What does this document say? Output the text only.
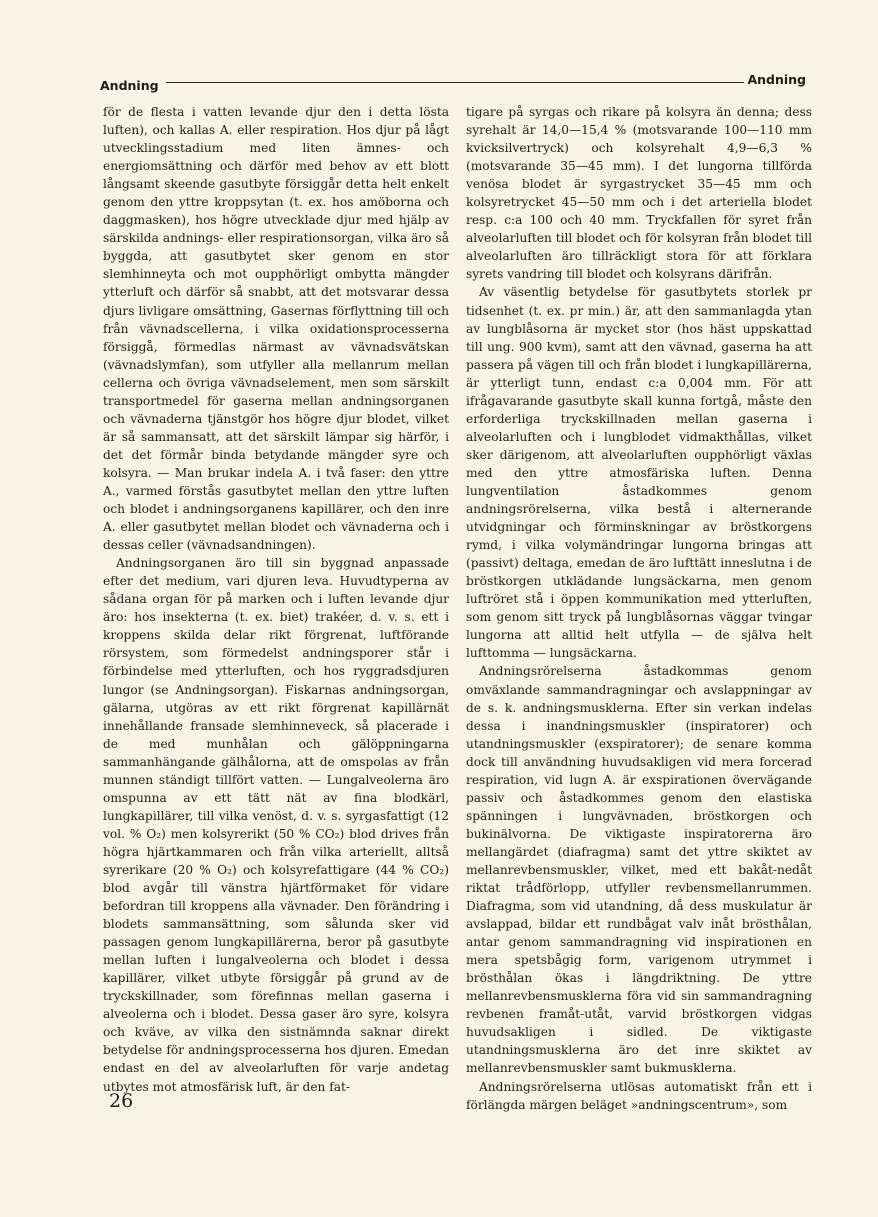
Andning	Andning

för de flesta i vatten levande djur den i detta lösta luften), och kallas A. eller respiration. Hos djur på lågt utvecklingsstadium med liten ämnes- och energiomsättning och därför med behov av ett blott långsamt skeende gasutbyte försiggår detta helt enkelt genom den yttre kroppsytan (t. ex. hos amöborna och daggmasken), hos högre utvecklade djur med hjälp av särskilda andnings- eller respirationsorgan, vilka äro så byggda, att gasutbytet sker genom en stor slemhinneyta och mot oupphörligt ombytta mängder ytterluft och därför så snabbt, att det motsvarar dessa djurs livligare omsättning, Gasernas förflyttning till och från vävnadscellerna, i vilka oxidationsprocesserna försiggå, förmedlas närmast av vävnadsvätskan (vävnadslymfan), som utfyller alla mellanrum mellan cellerna och övriga vävnadselement, men som särskilt transportmedel för gaserna mellan andningsorganen och vävnaderna tjänstgör hos högre djur blodet, vilket är så sammansatt, att det särskilt lämpar sig härför, i det det förmår binda betydande mängder syre och kolsyra. — Man brukar indela A. i två faser: den yttre A., varmed förstås gasutbytet mellan den yttre luften och blodet i andningsorganens kapillärer, och den inre A. eller gasutbytet mellan blodet och vävnaderna och i dessas celler (vävnadsandningen).

Andningsorganen äro till sin byggnad anpassade efter det medium, vari djuren leva. Huvudtyperna av sådana organ för på marken och i luften levande djur äro: hos insekterna (t. ex. biet) trakéer, d. v. s. ett i kroppens skilda delar rikt förgrenat, luftförande rörsystem, som förmedelst andningsporer står i förbindelse med ytterluften, och hos ryggradsdjuren lungor (se Andningsorgan). Fiskarnas andningsorgan, gälarna, utgöras av ett rikt förgrenat kapillärnät innehållande fransade slemhinneveck, så placerade i de med munhålan och gälöppningarna sammanhängande gälhålorna, att de omspolas av från munnen ständigt tillfört vatten. — Lungalveolerna äro omspunna av ett tätt nät av fina blodkärl, lungkapillärer, till vilka venöst, d. v. s. syrgasfattigt (12 vol. % O₂) men kolsyrerikt (50 % CO₂) blod drives från högra hjärtkammaren och från vilka arteriellt, alltså syrerikare (20 % O₂) och kolsyrefattigare (44 % CO₂) blod avgår till vänstra hjärtförmaket för vidare befordran till kroppens alla vävnader. Den förändring i blodets sammansättning, som sålunda sker vid passagen genom lungkapillärerna, beror på gasutbyte mellan luften i lungalveolerna och blodet i dessa kapillärer, vilket utbyte försiggår på grund av de tryckskillnader, som förefinnas mellan gaserna i alveolerna och i blodet. Dessa gaser äro syre, kolsyra och kväve, av vilka den sistnämnda saknar direkt betydelse för andningsprocesserna hos djuren. Emedan endast en del av alveolarluften för varje andetag utbytes mot atmosfärisk luft, är den fat-

tigare på syrgas och rikare på kolsyra än denna; dess syrehalt är 14,0—15,4 % (motsvarande 100—110 mm kvicksilvertryck) och kolsyrehalt 4,9—6,3 % (motsvarande 35—45 mm). I det lungorna tillförda venösa blodet är syrgastrycket 35—45 mm och kolsyretrycket 45—50 mm och i det arteriella blodet resp. c:a 100 och 40 mm. Tryckfallen för syret från alveolarluften till blodet och för kolsyran från blodet till alveolarluften äro tillräckligt stora för att förklara syrets vandring till blodet och kolsyrans därifrån.

Av väsentlig betydelse för gasutbytets storlek pr tidsenhet (t. ex. pr min.) är, att den sammanlagda ytan av lungblåsorna är mycket stor (hos häst uppskattad till ung. 900 kvm), samt att den vävnad, gaserna ha att passera på vägen till och från blodet i lungkapillärerna, är ytterligt tunn, endast c:a 0,004 mm. För att ifrågavarande gasutbyte skall kunna fortgå, måste den erforderliga tryckskillnaden mellan gaserna i alveolarluften och i lungblodet vidmakthållas, vilket sker därigenom, att alveolarluften oupphörligt växlas med den yttre atmosfäriska luften. Denna lungventilation åstadkommes genom andningsrörelserna, vilka bestå i alternerande utvidgningar och förminskningar av bröstkorgens rymd, i vilka volymändringar lungorna bringas att (passivt) deltaga, emedan de äro lufttätt inneslutna i de bröstkorgen utklädande lungsäckarna, men genom luftröret stå i öppen kommunikation med ytterluften, som genom sitt tryck på lungblåsornas väggar tvingar lungorna att alltid helt utfylla — de själva helt lufttomma — lungsäckarna.

Andningsrörelserna åstadkommas genom omväxlande sammandragningar och avslappningar av de s. k. andningsmusklerna. Efter sin verkan indelas dessa i inandningsmuskler (inspiratorer) och utandningsmuskler (exspiratorer); de senare komma dock till användning huvudsakligen vid mera forcerad respiration, vid lugn A. är exspirationen övervägande passiv och åstadkommes genom den elastiska spänningen i lungvävnaden, bröstkorgen och bukinälvorna. De viktigaste inspiratorerna äro mellangärdet (diafragma) samt det yttre skiktet av mellanrevbensmuskler, vilket, med ett bakåt-nedåt riktat trådförlopp, utfyller revbensmellanrummen. Diafragma, som vid utandning, då dess muskulatur är avslappad, bildar ett rundbågat valv inåt brösthålan, antar genom sammandragning vid inspirationen en mera spetsbågig form, varigenom utrymmet i brösthålan ökas i längdriktning. De yttre mellanrevbensmusklerna föra vid sin sammandragning revbenen framåt-utåt, varvid bröstkorgen vidgas huvudsakligen i sidled. De viktigaste utandningsmusklerna äro det inre skiktet av mellanrevbensmuskler samt bukmusklerna.

Andningsrörelserna utlösas automatiskt från ett i förlängda märgen beläget »andningscentrum», som

26
